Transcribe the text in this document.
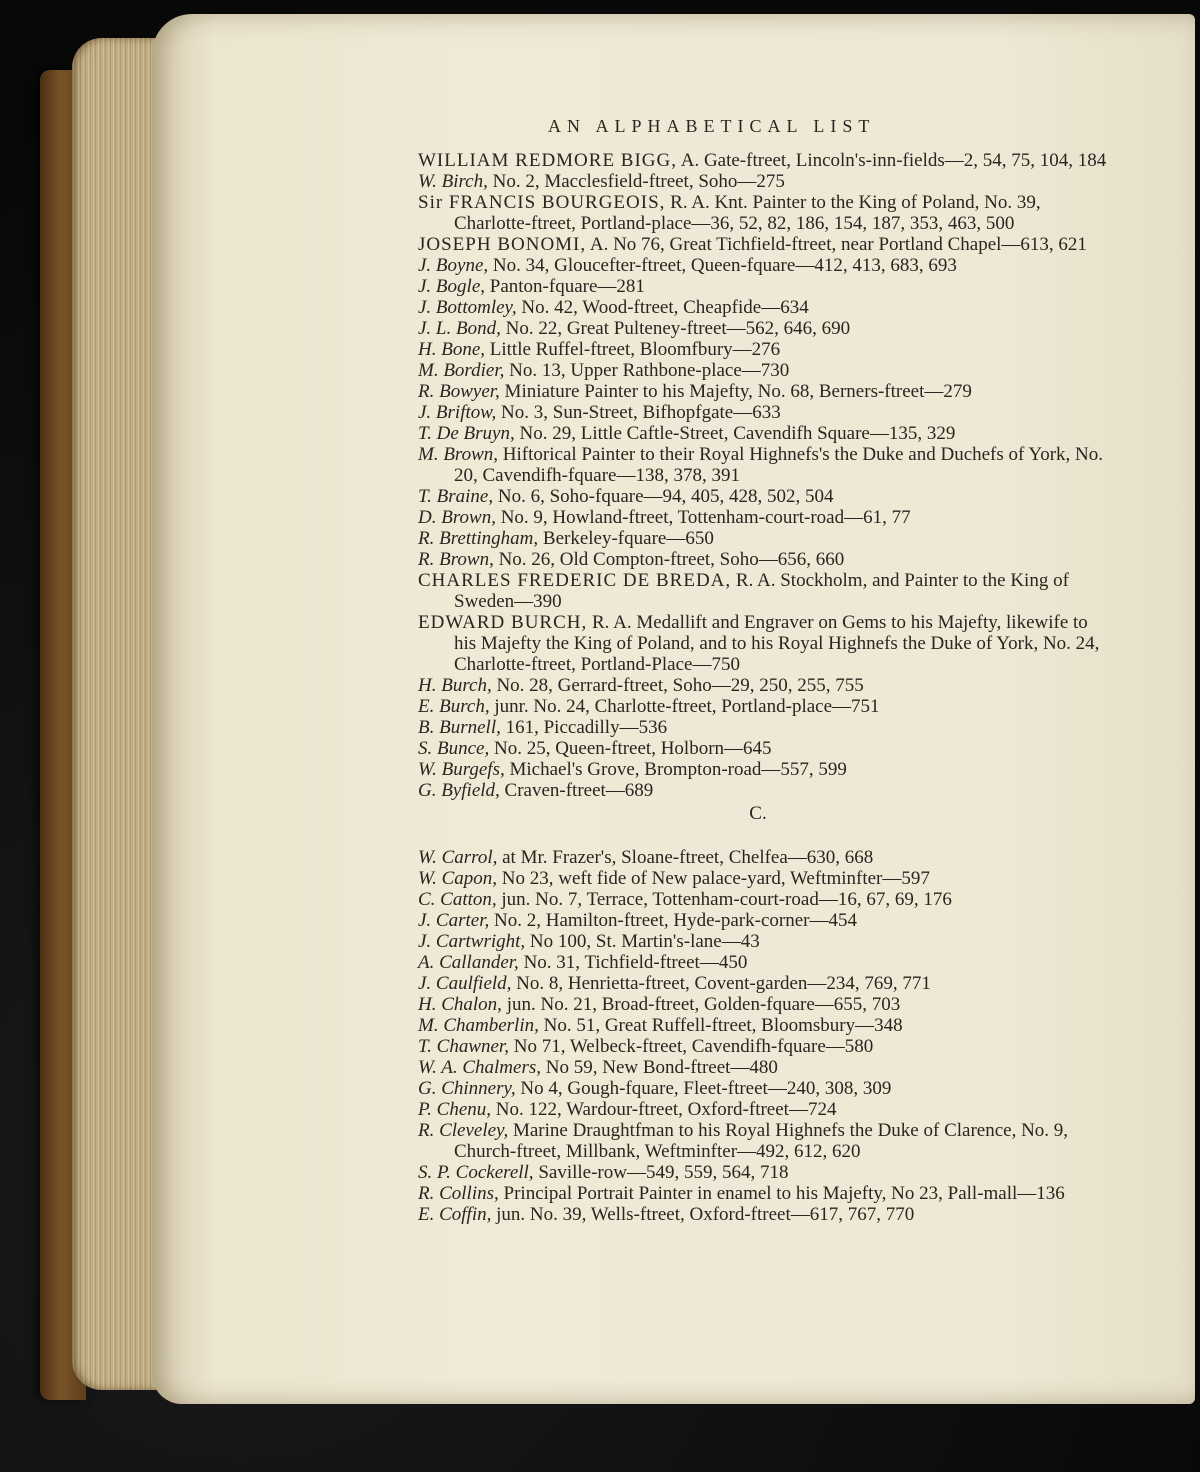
AN ALPHABETICAL LIST
WILLIAM REDMORE BIGG, A. Gate-ftreet, Lincoln's-inn-fields—2, 54, 75, 104, 184
W. Birch, No. 2, Macclesfield-ftreet, Soho—275
Sir FRANCIS BOURGEOIS, R. A. Knt. Painter to the King of Poland, No. 39, Charlotte-ftreet, Portland-place—36, 52, 82, 186, 154, 187, 353, 463, 500
JOSEPH BONOMI, A. No 76, Great Tichfield-ftreet, near Portland Chapel—613, 621
J. Boyne, No. 34, Gloucefter-ftreet, Queen-fquare—412, 413, 683, 693
J. Bogle, Panton-fquare—281
J. Bottomley, No. 42, Wood-ftreet, Cheapfide—634
J. L. Bond, No. 22, Great Pulteney-ftreet—562, 646, 690
H. Bone, Little Ruffel-ftreet, Bloomfbury—276
M. Bordier, No. 13, Upper Rathbone-place—730
R. Bowyer, Miniature Painter to his Majefty, No. 68, Berners-ftreet—279
J. Briftow, No. 3, Sun-Street, Bifhopfgate—633
T. De Bruyn, No. 29, Little Caftle-Street, Cavendifh Square—135, 329
M. Brown, Hiftorical Painter to their Royal Highnefs's the Duke and Duchefs of York, No. 20, Cavendifh-fquare—138, 378, 391
T. Braine, No. 6, Soho-fquare—94, 405, 428, 502, 504
D. Brown, No. 9, Howland-ftreet, Tottenham-court-road—61, 77
R. Brettingham, Berkeley-fquare—650
R. Brown, No. 26, Old Compton-ftreet, Soho—656, 660
CHARLES FREDERIC DE BREDA, R. A. Stockholm, and Painter to the King of Sweden—390
EDWARD BURCH, R. A. Medallift and Engraver on Gems to his Majefty, likewife to his Majefty the King of Poland, and to his Royal Highnefs the Duke of York, No. 24, Charlotte-ftreet, Portland-Place—750
H. Burch, No. 28, Gerrard-ftreet, Soho—29, 250, 255, 755
E. Burch, junr. No. 24, Charlotte-ftreet, Portland-place—751
B. Burnell, 161, Piccadilly—536
S. Bunce, No. 25, Queen-ftreet, Holborn—645
W. Burgefs, Michael's Grove, Brompton-road—557, 599
G. Byfield, Craven-ftreet—689
C.
W. Carrol, at Mr. Frazer's, Sloane-ftreet, Chelfea—630, 668
W. Capon, No 23, weft fide of New palace-yard, Weftminfter—597
C. Catton, jun. No. 7, Terrace, Tottenham-court-road—16, 67, 69, 176
J. Carter, No. 2, Hamilton-ftreet, Hyde-park-corner—454
J. Cartwright, No 100, St. Martin's-lane—43
A. Callander, No. 31, Tichfield-ftreet—450
J. Caulfield, No. 8, Henrietta-ftreet, Covent-garden—234, 769, 771
H. Chalon, jun. No. 21, Broad-ftreet, Golden-fquare—655, 703
M. Chamberlin, No. 51, Great Ruffell-ftreet, Bloomsbury—348
T. Chawner, No 71, Welbeck-ftreet, Cavendifh-fquare—580
W. A. Chalmers, No 59, New Bond-ftreet—480
G. Chinnery, No 4, Gough-fquare, Fleet-ftreet—240, 308, 309
P. Chenu, No. 122, Wardour-ftreet, Oxford-ftreet—724
R. Cleveley, Marine Draughtfman to his Royal Highnefs the Duke of Clarence, No. 9, Church-ftreet, Millbank, Weftminfter—492, 612, 620
S. P. Cockerell, Saville-row—549, 559, 564, 718
R. Collins, Principal Portrait Painter in enamel to his Majefty, No 23, Pall-mall—136
E. Coffin, jun. No. 39, Wells-ftreet, Oxford-ftreet—617, 767, 770
